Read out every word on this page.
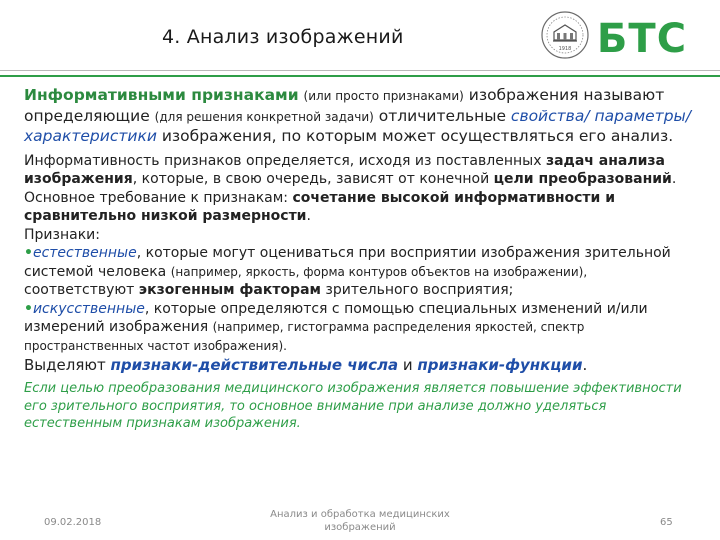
4. Анализ изображений
1918 БТС
Информативными признаками (или просто признаками) изображения называют определяющие (для решения конкретной задачи) отличительные свойства/ параметры/ характеристики изображения, по которым может осуществляться его анализ.
Информативность признаков определяется, исходя из поставленных задач анализа изображения, которые, в свою очередь, зависят от конечной цели преобразований.
Основное требование к признакам: сочетание высокой информативности и сравнительно низкой размерности.
Признаки:
•естественные, которые могут оцениваться при восприятии изображения зрительной системой человека (например, яркость, форма контуров объектов на изображении), соответствуют экзогенным факторам зрительного восприятия;
•искусственные, которые определяются с помощью специальных изменений и/или измерений изображения (например, гистограмма распределения яркостей, спектр пространственных частот изображения).
Выделяют признаки-действительные числа и признаки-функции.
Если целью преобразования медицинского изображения является повышение эффективности его зрительного восприятия, то основное внимание при анализе должно уделяться естественным признакам изображения.
09.02.2018
Анализ и обработка медицинских изображений	65
